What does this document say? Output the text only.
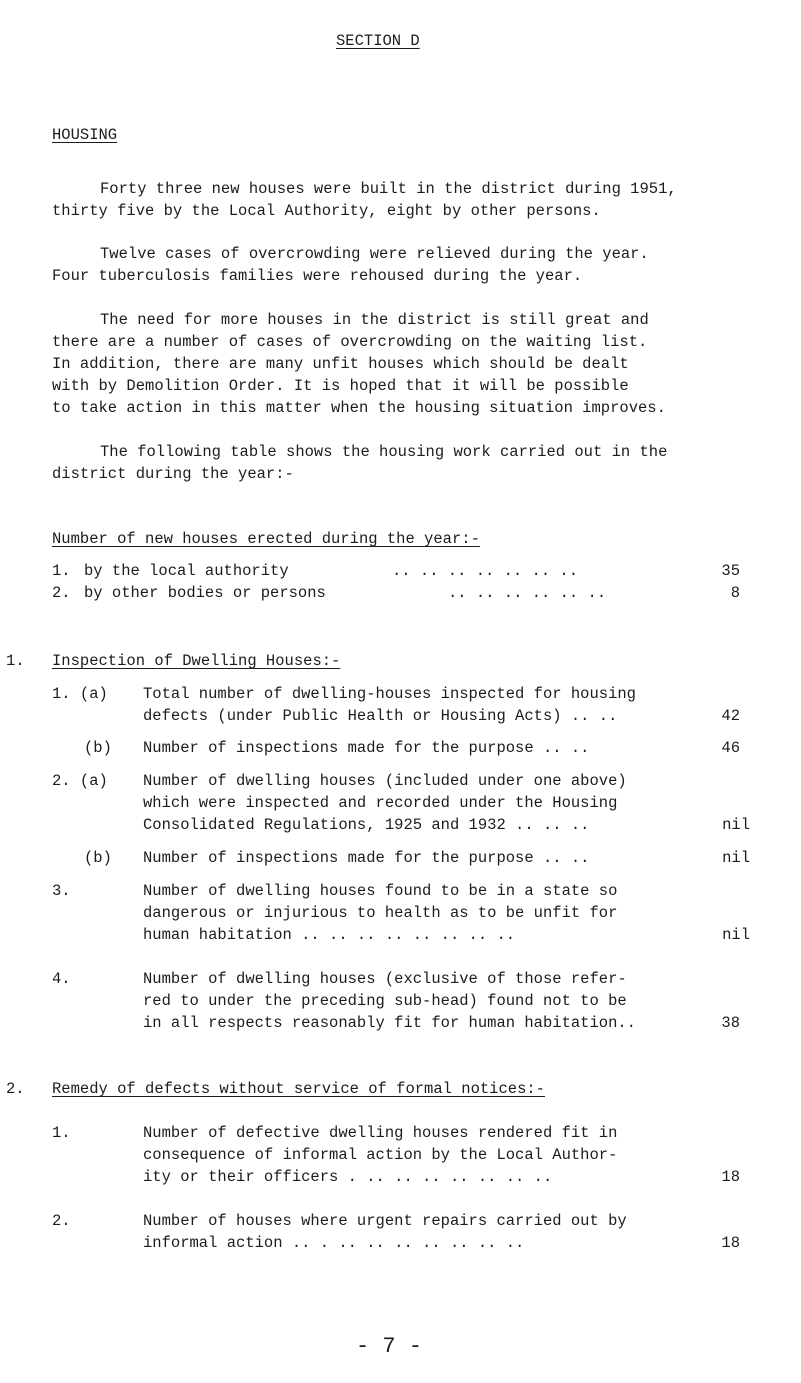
SECTION D
HOUSING
Forty three new houses were built in the district during 1951,
thirty five by the Local Authority, eight by other persons.
Twelve cases of overcrowding were relieved during the year.
Four tuberculosis families were rehoused during the year.
The need for more houses in the district is still great and
there are a number of cases of overcrowding on the waiting list.
In addition, there are many unfit houses which should be dealt
with by Demolition Order. It is hoped that it will be possible
to take action in this matter when the housing situation improves.
The following table shows the housing work carried out in the
district during the year:-
Number of new houses erected during the year:-
1. by the local authority	.. .. .. .. .. .. ..	35
2. by other bodies or persons	.. .. .. .. .. ..	8
1. Inspection of Dwelling Houses:-
1. (a) Total number of dwelling-houses inspected for housing
defects (under Public Health or Housing Acts) .. ..	42
(b) Number of inspections made for the purpose .. ..	46
2. (a) Number of dwelling houses (included under one above)
which were inspected and recorded under the Housing
Consolidated Regulations, 1925 and 1932 .. .. ..	nil
(b) Number of inspections made for the purpose .. ..	nil
3.	Number of dwelling houses found to be in a state so
dangerous or injurious to health as to be unfit for
human habitation .. .. .. .. .. .. .. ..	nil
4.	Number of dwelling houses (exclusive of those refer-
red to under the preceding sub-head) found not to be
in all respects reasonably fit for human habitation..	38
2. Remedy of defects without service of formal notices:-
1.	Number of defective dwelling houses rendered fit in
consequence of informal action by the Local Author-
ity or their officers . .. .. .. .. .. .. ..	18
2.	Number of houses where urgent repairs carried out by
informal action .. . .. .. .. .. .. .. ..	18
- 7 -
